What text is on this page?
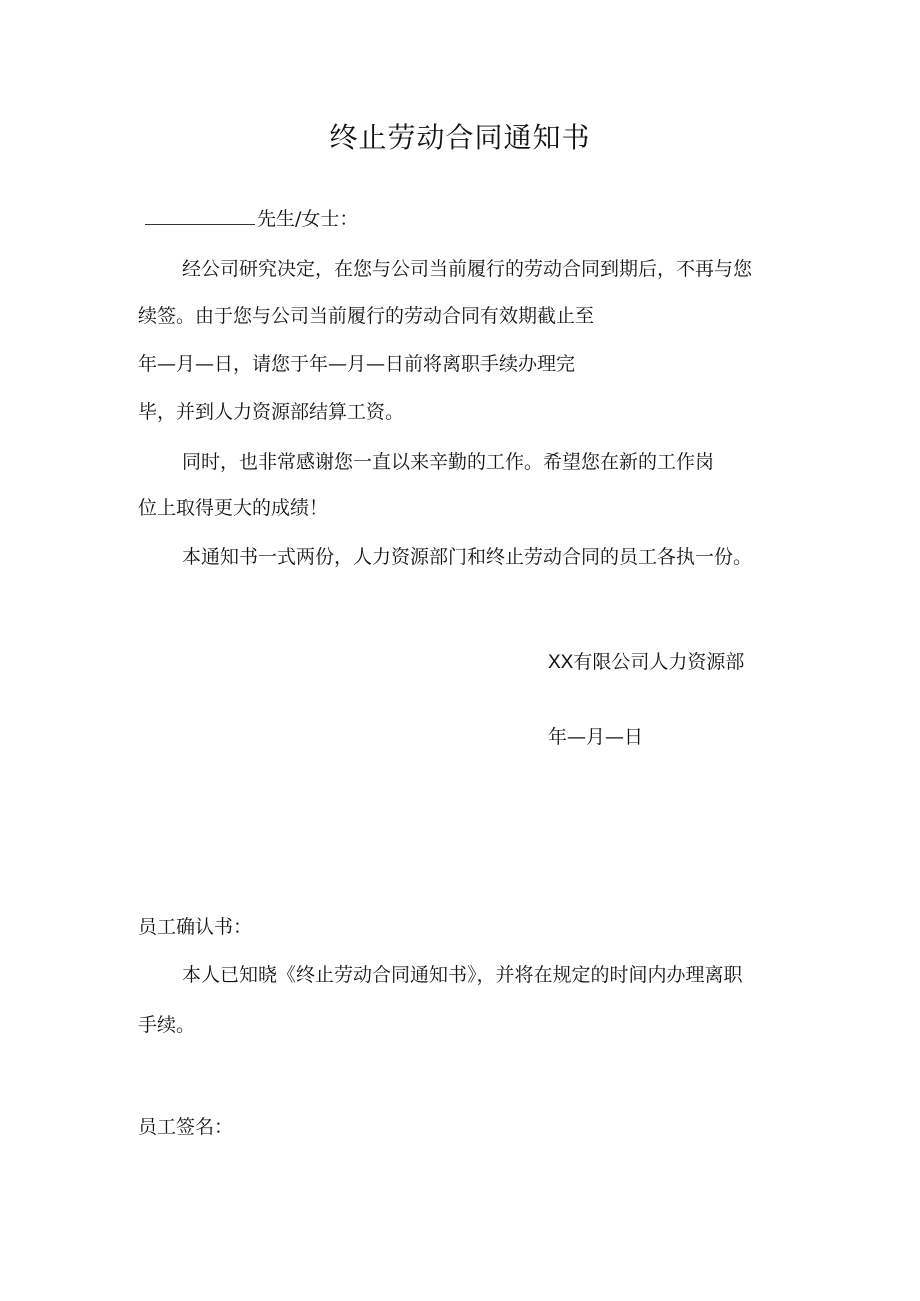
终止劳动合同通知书
先生/女士：
经公司研究决定，在您与公司当前履行的劳动合同到期后，不再与您
续签。由于您与公司当前履行的劳动合同有效期截止至
年—月—日，请您于年—月—日前将离职手续办理完
毕，并到人力资源部结算工资。
同时，也非常感谢您一直以来辛勤的工作。希望您在新的工作岗
位上取得更大的成绩！
本通知书一式两份，人力资源部门和终止劳动合同的员工各执一份。
XX有限公司人力资源部
年—月—日
员工确认书：
本人已知晓《终止劳动合同通知书》，并将在规定的时间内办理离职
手续。
员工签名：
